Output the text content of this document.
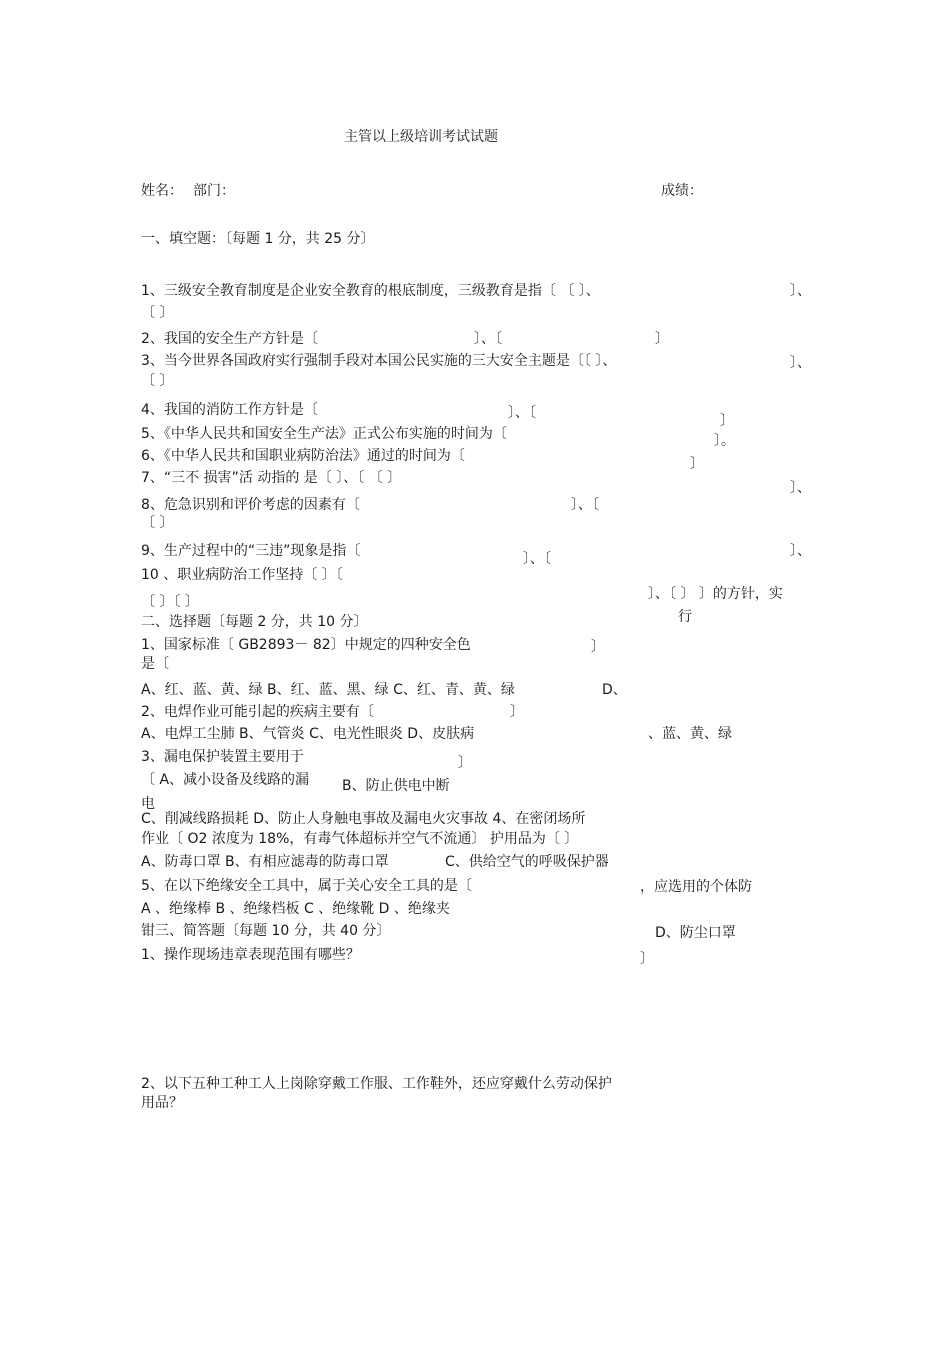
主管以上级培训考试试题
姓名： 部门：	成绩：
一、填空题：〔每题 1 分，共 25 分〕
1、三级安全教育制度是企业安全教育的根底制度，三级教育是指〔 〔 〕、	〕、
〔 〕
2、我国的安全生产方针是〔	〕、〔	〕
3、当今世界各国政府实行强制手段对本国公民实施的三大安全主题是〔〔 〕、	〕、
〔 〕
4、我国的消防工作方针是〔	〕、〔	〕
5、《中华人民共和国安全生产法》正式公布实施的时间为〔	〕。
6、《中华人民共和国职业病防治法》通过的时间为〔	〕
7、“三不 损害”活 动指的 是〔 〕、〔 〔 〕
〕、
8、危急识别和评价考虑的因素有〔	〕、〔
〔 〕
9、生产过程中的“三违”现象是指〔	〕、
〕、〔
10 、职业病防治工作坚持〔 〕〔
〕、〔 〕 〕的方针，实
行
〔 〕〔 〕
二、选择题〔每题 2 分，共 10 分〕
1、国家标准〔 GB2893－ 82〕中规定的四种安全色	〕
是〔
A、红、蓝、黄、绿 B、红、蓝、黑、绿 C、红、青、黄、绿	D、
2、电焊作业可能引起的疾病主要有〔	〕
A、电焊工尘肺 B、气管炎 C、电光性眼炎 D、皮肤病	、蓝、黄、绿
3、漏电保护装置主要用于	〕
〔 A、减小设备及线路的漏 B、防止供电中断
电
C、削减线路损耗 D、防止人身触电事故及漏电火灾事故 4、在密闭场所
作业〔 O2 浓度为 18%，有毒气体超标并空气不流通〕 护用品为〔 〕
A、防毒口罩 B、有相应滤毒的防毒口罩	C、供给空气的呼吸保护器
5、在以下绝缘安全工具中，属于关心安全工具的是〔	，应选用的个体防
A 、绝缘棒 B 、绝缘档板 C 、绝缘靴 D 、绝缘夹
钳三、简答题〔每题 10 分，共 40 分〕	D、防尘口罩
1、操作现场违章表现范围有哪些？	〕
2、以下五种工种工人上岗除穿戴工作服、工作鞋外，还应穿戴什么劳动保护
用品？
